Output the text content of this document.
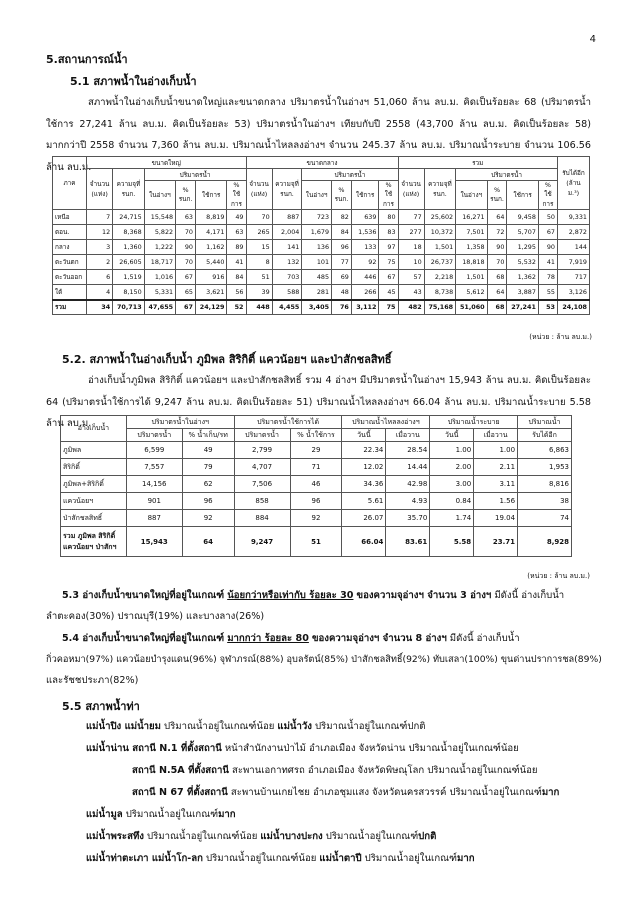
4
5.สถานการณ์น้ำ
5.1 สภาพน้ำในอ่างเก็บน้ำ
สภาพน้ำในอ่างเก็บน้ำขนาดใหญ่และขนาดกลาง ปริมาตรน้ำในอ่างฯ 51,060 ล้าน ลบ.ม. คิดเป็นร้อยละ 68 (ปริมาตรน้ำใช้การ 27,241 ล้าน ลบ.ม. คิดเป็นร้อยละ 53) ปริมาตรน้ำในอ่างฯ เทียบกับปี 2558 (43,700 ล้าน ลบ.ม. คิดเป็นร้อยละ 58) มากกว่าปี 2558 จำนวน 7,360 ล้าน ลบ.ม. ปริมาณน้ำไหลลงอ่างฯ จำนวน 245.37 ล้าน ลบ.ม. ปริมาณน้ำระบาย จำนวน 106.56 ล้าน ลบ.ม.
ภาค	ขนาดใหญ่						ขนาดกลาง						รวม						รับได้อีก (ล้าน ม.³)
	จำนวน (แห่ง)	ความจุที่ รนก.	ปริมาตรน้ำ				จำนวน (แห่ง)	ความจุที่ รนก.	ปริมาตรน้ำ				จำนวน (แห่ง)	ความจุที่ รนก.	ปริมาตรน้ำ				
			ในอ่างฯ	% รนก.	ใช้การ	% ใช้การ			ในอ่างฯ	% รนก.	ใช้การ	% ใช้การ			ในอ่างฯ	% รนก.	ใช้การ	% ใช้การ	
เหนือ	7	24,715	15,548	63	8,819	49	70	887	723	82	639	80	77	25,602	16,271	64	9,458	50	9,331
ตอน.	12	8,368	5,822	70	4,171	63	265	2,004	1,679	84	1,536	83	277	10,372	7,501	72	5,707	67	2,872
กลาง	3	1,360	1,222	90	1,162	89	15	141	136	96	133	97	18	1,501	1,358	90	1,295	90	144
ตะวันตก	2	26,605	18,717	70	5,440	41	8	132	101	77	92	75	10	26,737	18,818	70	5,532	41	7,919
ตะวันออก	6	1,519	1,016	67	916	84	51	703	485	69	446	67	57	2,218	1,501	68	1,362	78	717
ใต้	4	8,150	5,331	65	3,621	56	39	588	281	48	266	45	43	8,738	5,612	64	3,887	55	3,126
รวม	34	70,713	47,655	67	24,129	52	448	4,455	3,405	76	3,112	75	482	75,168	51,060	68	27,241	53	24,108
(หน่วย : ล้าน ลบ.ม.)
5.2. สภาพน้ำในอ่างเก็บน้ำ ภูมิพล สิริกิติ์ แควน้อยฯ และป่าสักชลสิทธิ์
อ่างเก็บน้ำภูมิพล สิริกิติ์ แควน้อยฯ และป่าสักชลสิทธิ์ รวม 4 อ่างฯ มีปริมาตรน้ำในอ่างฯ 15,943 ล้าน ลบ.ม. คิดเป็นร้อยละ 64 (ปริมาตรน้ำใช้การได้ 9,247 ล้าน ลบ.ม. คิดเป็นร้อยละ 51) ปริมาณน้ำไหลลงอ่างฯ 66.04 ล้าน ลบ.ม. ปริมาณน้ำระบาย 5.58 ล้าน ลบ.ม.
อ่างเก็บน้ำ	ปริมาตรน้ำในอ่างฯ		ปริมาตรน้ำใช้การได้		ปริมาณน้ำไหลลงอ่างฯ		ปริมาณน้ำระบาย		ปริมาณน้ำ
	ปริมาตรน้ำ	% น้ำเก็บ/รท	ปริมาตรน้ำ	% น้ำใช้การ	วันนี้	เมื่อวาน	วันนี้	เมื่อวาน	รับได้อีก
ภูมิพล	6,599	49	2,799	29	22.34	28.54	1.00	1.00	6,863
สิริกิติ์	7,557	79	4,707	71	12.02	14.44	2.00	2.11	1,953
ภูมิพล+สิริกิติ์	14,156	62	7,506	46	34.36	42.98	3.00	3.11	8,816
แควน้อยฯ	901	96	858	96	5.61	4.93	0.84	1.56	38
ป่าสักชลสิทธิ์	887	92	884	92	26.07	35.70	1.74	19.04	74
รวม ภูมิพล สิริกิติ์ แควน้อยฯ ป่าสักฯ	15,943	64	9,247	51	66.04	83.61	5.58	23.71	8,928
(หน่วย : ล้าน ลบ.ม.)
5.3 อ่างเก็บน้ำขนาดใหญ่ที่อยู่ในเกณฑ์ น้อยกว่าหรือเท่ากับ ร้อยละ 30 ของความจุอ่างฯ จำนวน 3 อ่างฯ มีดังนี้ อ่างเก็บน้ำ
ลำตะคอง(30%) ปราณบุรี(19%) และบางลาง(26%)
5.4 อ่างเก็บน้ำขนาดใหญ่ที่อยู่ในเกณฑ์ มากกว่า ร้อยละ 80 ของความจุอ่างฯ จำนวน 8 อ่างฯ มีดังนี้ อ่างเก็บน้ำ
กิ่วคอหมา(97%) แควน้อยบำรุงแดน(96%) จุฬาภรณ์(88%) อุบลรัตน์(85%) ป่าสักชลสิทธิ์(92%) ทับเสลา(100%) ขุนด่านปราการชล(89%)
และรัชชประภา(82%)
5.5 สภาพน้ำท่า
แม่น้ำปิง แม่น้ำยม ปริมาณน้ำอยู่ในเกณฑ์น้อย แม่น้ำวัง ปริมาณน้ำอยู่ในเกณฑ์ปกติ
แม่น้ำน่าน สถานี N.1 ที่ตั้งสถานี หน้าสำนักงานป่าไม้ อำเภอเมือง จังหวัดน่าน ปริมาณน้ำอยู่ในเกณฑ์น้อย
สถานี N.5A ที่ตั้งสถานี สะพานเอกาทศรถ อำเภอเมือง จังหวัดพิษณุโลก ปริมาณน้ำอยู่ในเกณฑ์น้อย
สถานี N 67 ที่ตั้งสถานี สะพานบ้านเกยไชย อำเภอชุมแสง จังหวัดนครสวรรค์ ปริมาณน้ำอยู่ในเกณฑ์มาก
แม่น้ำมูล ปริมาณน้ำอยู่ในเกณฑ์มาก
แม่น้ำพระสทึง ปริมาณน้ำอยู่ในเกณฑ์น้อย แม่น้ำบางปะกง ปริมาณน้ำอยู่ในเกณฑ์ปกติ
แม่น้ำท่าตะเภา แม่น้ำโก-ลก ปริมาณน้ำอยู่ในเกณฑ์น้อย แม่น้ำตาปี ปริมาณน้ำอยู่ในเกณฑ์มาก
